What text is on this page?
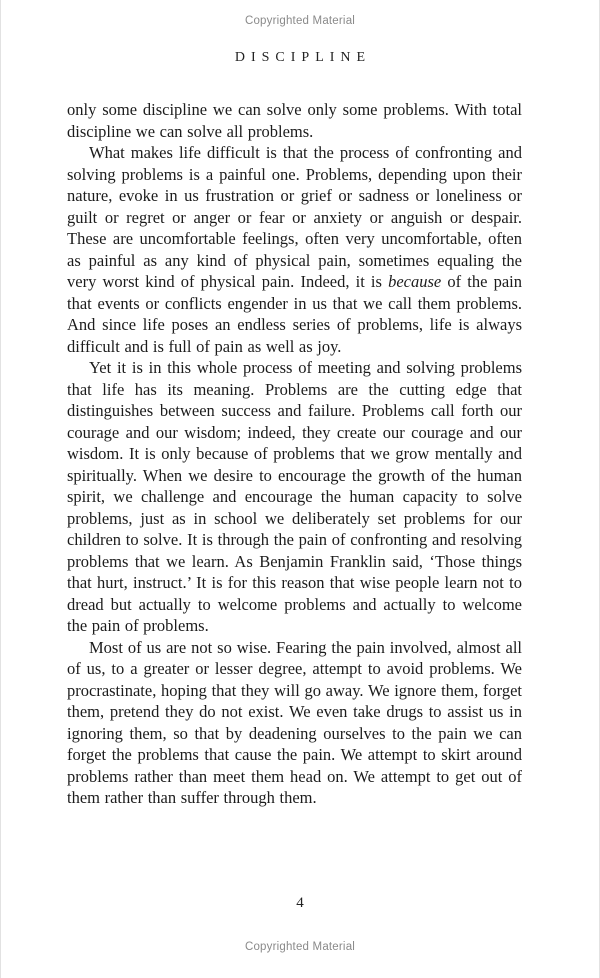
Copyrighted Material
DISCIPLINE

only some discipline we can solve only some problems. With total discipline we can solve all problems.

What makes life difficult is that the process of confronting and solving problems is a painful one. Problems, depending upon their nature, evoke in us frustration or grief or sadness or loneliness or guilt or regret or anger or fear or anxiety or anguish or despair. These are uncomfortable feelings, often very uncomfortable, often as painful as any kind of physical pain, sometimes equaling the very worst kind of physical pain. Indeed, it is because of the pain that events or conflicts engender in us that we call them problems. And since life poses an endless series of problems, life is always difficult and is full of pain as well as joy.

Yet it is in this whole process of meeting and solving problems that life has its meaning. Problems are the cutting edge that distinguishes between success and failure. Problems call forth our courage and our wisdom; indeed, they create our courage and our wisdom. It is only because of problems that we grow mentally and spiritually. When we desire to encourage the growth of the human spirit, we challenge and encourage the human capacity to solve problems, just as in school we deliberately set problems for our children to solve. It is through the pain of confronting and resolving problems that we learn. As Benjamin Franklin said, ‘Those things that hurt, instruct.’ It is for this reason that wise people learn not to dread but actually to welcome problems and actually to welcome the pain of problems.

Most of us are not so wise. Fearing the pain involved, almost all of us, to a greater or lesser degree, attempt to avoid problems. We procrastinate, hoping that they will go away. We ignore them, forget them, pretend they do not exist. We even take drugs to assist us in ignoring them, so that by deadening ourselves to the pain we can forget the problems that cause the pain. We attempt to skirt around problems rather than meet them head on. We attempt to get out of them rather than suffer through them.

4
Copyrighted Material
